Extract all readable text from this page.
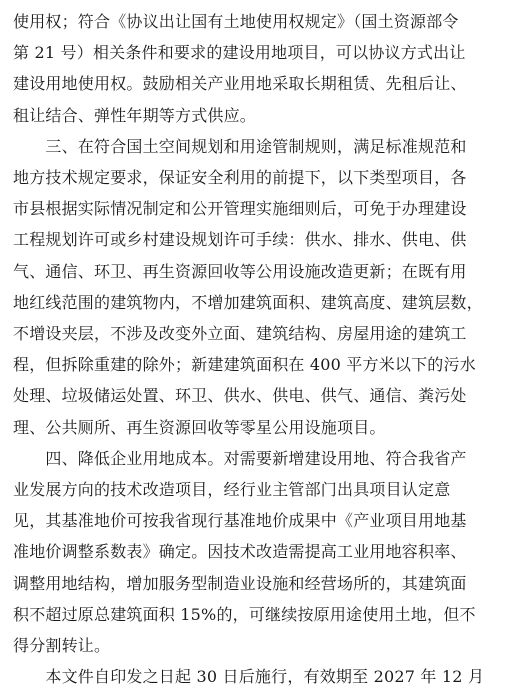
使用权；符合《协议出让国有土地使用权规定》（国土资源部令
第 21 号）相关条件和要求的建设用地项目，可以协议方式出让
建设用地使用权。鼓励相关产业用地采取长期租赁、先租后让、
租让结合、弹性年期等方式供应。

　　三、在符合国土空间规划和用途管制规则，满足标准规范和
地方技术规定要求，保证安全利用的前提下，以下类型项目，各
市县根据实际情况制定和公开管理实施细则后，可免于办理建设
工程规划许可或乡村建设规划许可手续：供水、排水、供电、供
气、通信、环卫、再生资源回收等公用设施改造更新；在既有用
地红线范围的建筑物内，不增加建筑面积、建筑高度、建筑层数，
不增设夹层，不涉及改变外立面、建筑结构、房屋用途的建筑工
程，但拆除重建的除外；新建建筑面积在 400 平方米以下的污水
处理、垃圾储运处置、环卫、供水、供电、供气、通信、粪污处
理、公共厕所、再生资源回收等零星公用设施项目。

　　四、降低企业用地成本。对需要新增建设用地、符合我省产
业发展方向的技术改造项目，经行业主管部门出具项目认定意
见，其基准地价可按我省现行基准地价成果中《产业项目用地基
准地价调整系数表》确定。因技术改造需提高工业用地容积率、
调整用地结构，增加服务型制造业设施和经营场所的，其建筑面
积不超过原总建筑面积 15%的，可继续按原用途使用土地，但不
得分割转让。

　　本文件自印发之日起 30 日后施行，有效期至 2027 年 12 月
